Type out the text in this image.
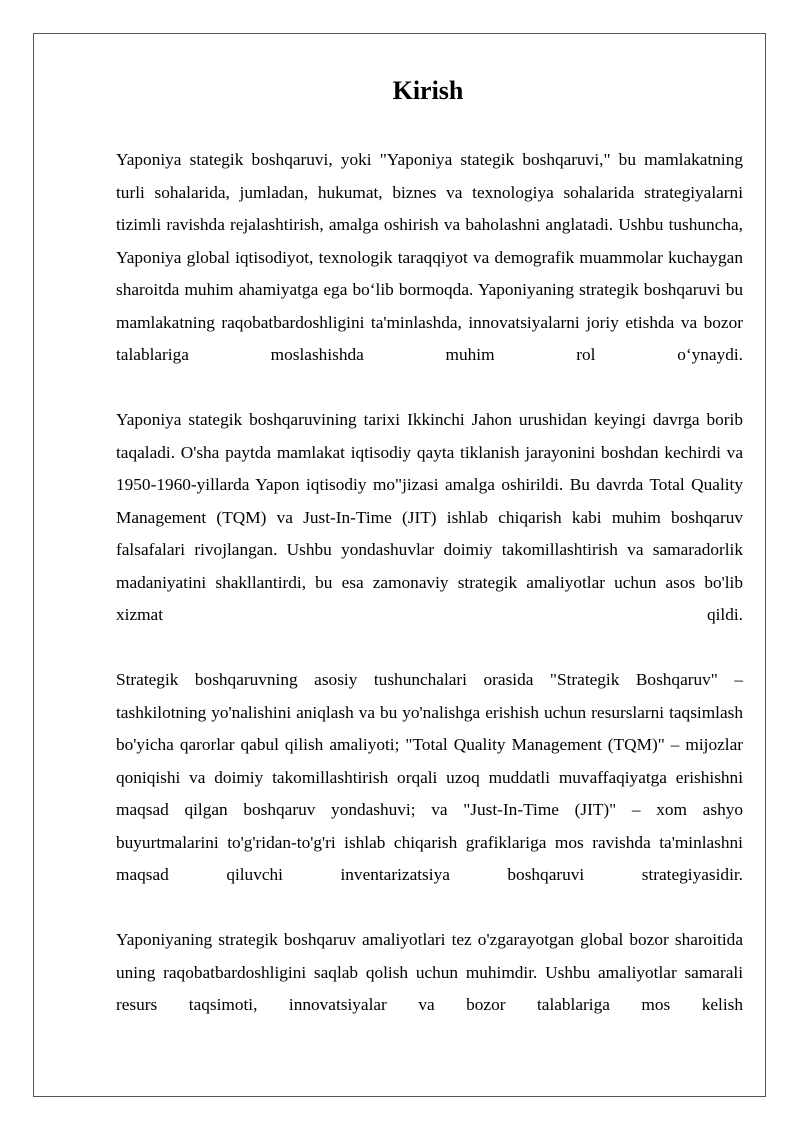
Kirish

Yaponiya stategik boshqaruvi, yoki "Yaponiya stategik boshqaruvi," bu mamlakatning turli sohalarida, jumladan, hukumat, biznes va texnologiya sohalarida strategiyalarni tizimli ravishda rejalashtirish, amalga oshirish va baholashni anglatadi. Ushbu tushuncha, Yaponiya global iqtisodiyot, texnologik taraqqiyot va demografik muammolar kuchaygan sharoitda muhim ahamiyatga ega bo‘lib bormoqda. Yaponiyaning strategik boshqaruvi bu mamlakatning raqobatbardoshligini ta'minlashda, innovatsiyalarni joriy etishda va bozor talablariga moslashishda muhim rol o‘ynaydi.

Yaponiya stategik boshqaruvining tarixi Ikkinchi Jahon urushidan keyingi davrga borib taqaladi. O'sha paytda mamlakat iqtisodiy qayta tiklanish jarayonini boshdan kechirdi va 1950-1960-yillarda Yapon iqtisodiy mo"jizasi amalga oshirildi. Bu davrda Total Quality Management (TQM) va Just-In-Time (JIT) ishlab chiqarish kabi muhim boshqaruv falsafalari rivojlangan. Ushbu yondashuvlar doimiy takomillashtirish va samaradorlik madaniyatini shakllantirdi, bu esa zamonaviy strategik amaliyotlar uchun asos bo'lib xizmat qildi.

Strategik boshqaruvning asosiy tushunchalari orasida "Strategik Boshqaruv" – tashkilotning yo'nalishini aniqlash va bu yo'nalishga erishish uchun resurslarni taqsimlash bo'yicha qarorlar qabul qilish amaliyoti; "Total Quality Management (TQM)" – mijozlar qoniqishi va doimiy takomillashtirish orqali uzoq muddatli muvaffaqiyatga erishishni maqsad qilgan boshqaruv yondashuvi; va "Just-In-Time (JIT)" – xom ashyo buyurtmalarini to'g'ridan-to'g'ri ishlab chiqarish grafiklariga mos ravishda ta'minlashni maqsad qiluvchi inventarizatsiya boshqaruvi strategiyasidir.

Yaponiyaning strategik boshqaruv amaliyotlari tez o'zgarayotgan global bozor sharoitida uning raqobatbardoshligini saqlab qolish uchun muhimdir. Ushbu amaliyotlar samarali resurs taqsimoti, innovatsiyalar va bozor talablariga mos kelish
